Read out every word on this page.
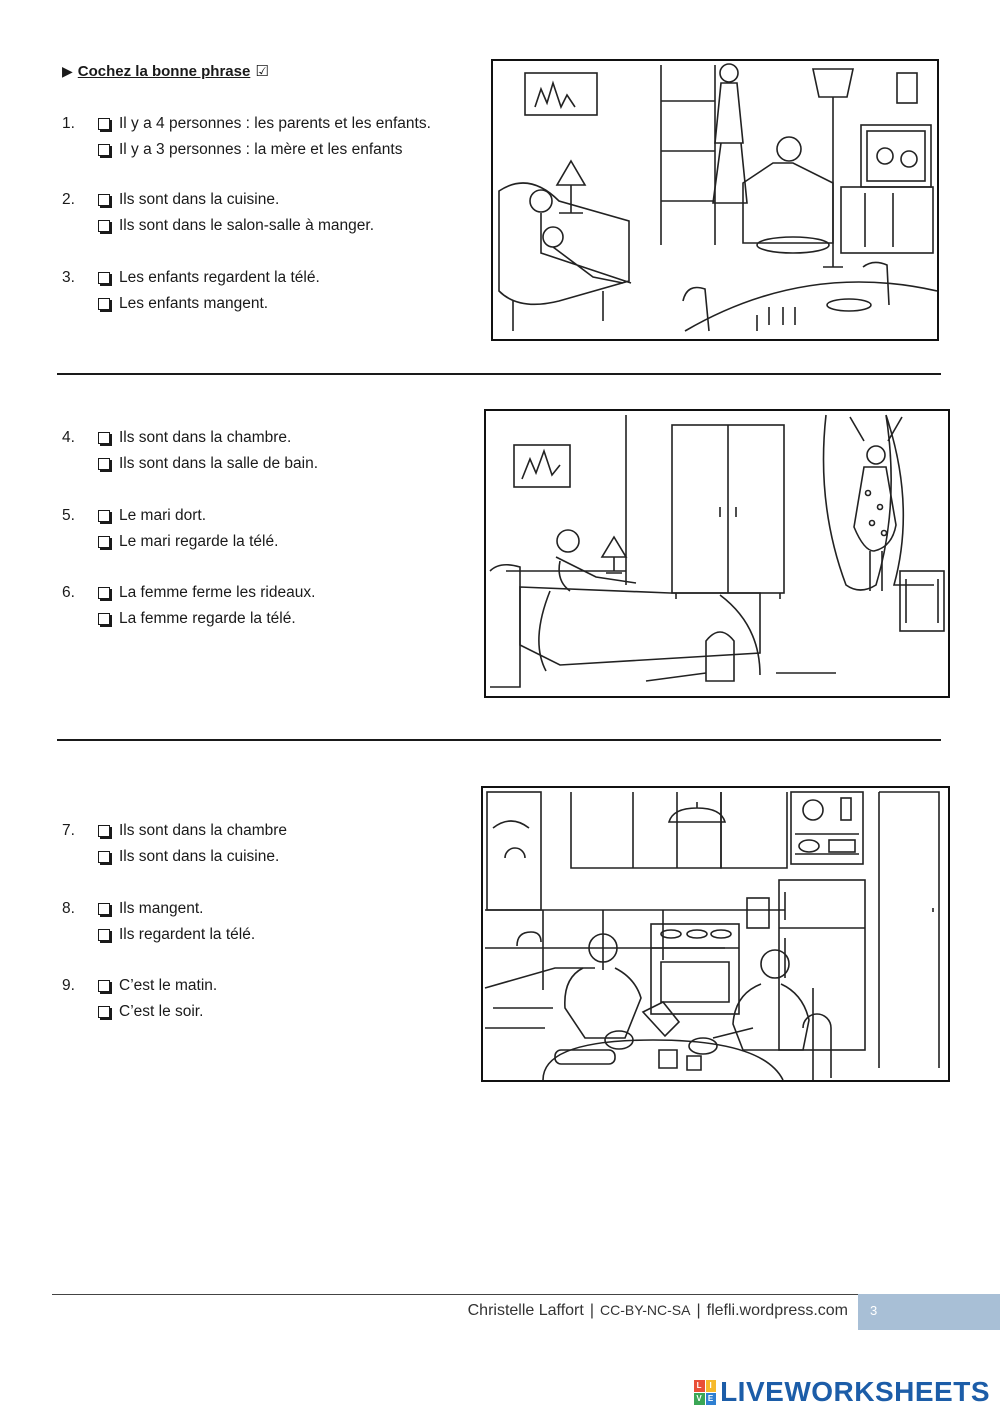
▶ Cochez la bonne phrase ☑
1.	Il y a 4 personnes : les parents et les enfants.
Il y a 3 personnes : la mère et les enfants
2.	Ils sont dans la cuisine.
Ils sont dans le salon-salle à manger.
3.	Les enfants regardent la télé.
Les enfants mangent.
4.	Ils sont dans la chambre.
Ils sont dans la salle de bain.
5.	Le mari dort.
Le mari regarde la télé.
6.	La femme ferme les rideaux.
La femme regarde la télé.
7.	Ils sont dans la chambre
Ils sont dans la cuisine.
8.	Ils mangent.
Ils regardent la télé.
9.	C’est le matin.
C’est le soir.
Christelle Laffort | CC-BY-NC-SA | flefli.wordpress.com	3
L I
V E LIVEWORKSHEETS
